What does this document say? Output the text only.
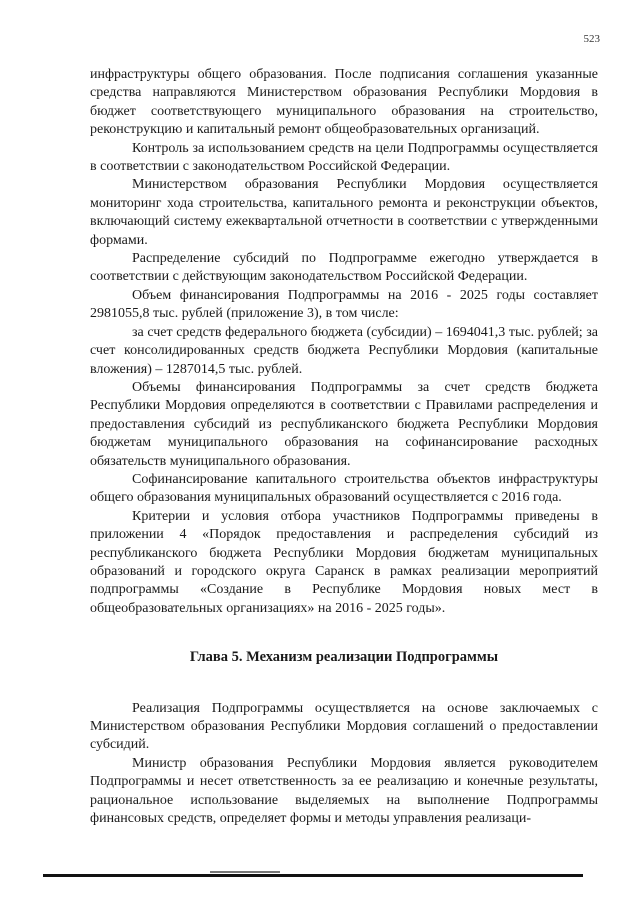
523

инфраструктуры общего образования. После подписания соглашения указанные средства направляются Министерством образования Республики Мордовия в бюджет соответствующего муниципального образования на строительство, реконструкцию и капитальный ремонт общеобразовательных организаций.

Контроль за использованием средств на цели Подпрограммы осуществляется в соответствии с законодательством Российской Федерации.

Министерством образования Республики Мордовия осуществляется мониторинг хода строительства, капитального ремонта и реконструкции объектов, включающий систему ежеквартальной отчетности в соответствии с утвержденными формами.

Распределение субсидий по Подпрограмме ежегодно утверждается в соответствии с действующим законодательством Российской Федерации.

Объем финансирования Подпрограммы на 2016 - 2025 годы составляет 2981055,8 тыс. рублей (приложение 3), в том числе:

за счет средств федерального бюджета (субсидии) – 1694041,3 тыс. рублей; за счет консолидированных средств бюджета Республики Мордовия (капитальные вложения) – 1287014,5 тыс. рублей.

Объемы финансирования Подпрограммы за счет средств бюджета Республики Мордовия определяются в соответствии с Правилами распределения и предоставления субсидий из республиканского бюджета Республики Мордовия бюджетам муниципального образования на софинансирование расходных обязательств муниципального образования.

Софинансирование капитального строительства объектов инфраструктуры общего образования муниципальных образований осуществляется с 2016 года.

Критерии и условия отбора участников Подпрограммы приведены в приложении 4 «Порядок предоставления и распределения субсидий из республиканского бюджета Республики Мордовия бюджетам муниципальных образований и городского округа Саранск в рамках реализации мероприятий подпрограммы «Создание в Республике Мордовия новых мест в общеобразовательных организациях» на 2016 - 2025 годы».

Глава 5. Механизм реализации Подпрограммы

Реализация Подпрограммы осуществляется на основе заключаемых с Министерством образования Республики Мордовия соглашений о предоставлении субсидий.

Министр образования Республики Мордовия является руководителем Подпрограммы и несет ответственность за ее реализацию и конечные результаты, рациональное использование выделяемых на выполнение Подпрограммы финансовых средств, определяет формы и методы управления реализаци-
